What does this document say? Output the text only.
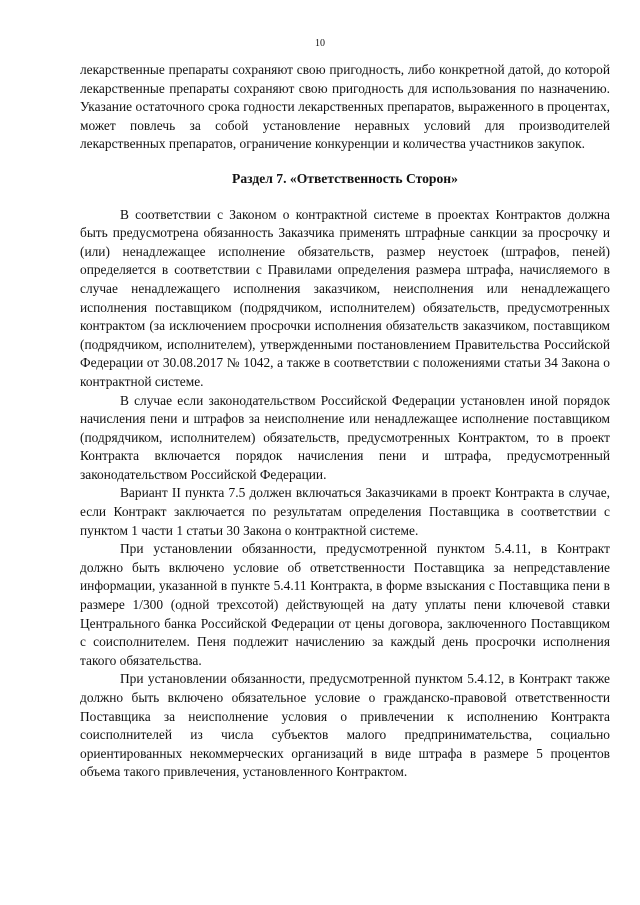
10

лекарственные препараты сохраняют свою пригодность, либо конкретной датой, до которой лекарственные препараты сохраняют свою пригодность для использования по назначению. Указание остаточного срока годности лекарственных препаратов, выраженного в процентах, может повлечь за собой установление неравных условий для производителей лекарственных препаратов, ограничение конкуренции и количества участников закупок.

Раздел 7. «Ответственность Сторон»

В соответствии с Законом о контрактной системе в проектах Контрактов должна быть предусмотрена обязанность Заказчика применять штрафные санкции за просрочку и (или) ненадлежащее исполнение обязательств, размер неустоек (штрафов, пеней) определяется в соответствии с Правилами определения размера штрафа, начисляемого в случае ненадлежащего исполнения заказчиком, неисполнения или ненадлежащего исполнения поставщиком (подрядчиком, исполнителем) обязательств, предусмотренных контрактом (за исключением просрочки исполнения обязательств заказчиком, поставщиком (подрядчиком, исполнителем), утвержденными постановлением Правительства Российской Федерации от 30.08.2017 № 1042, а также в соответствии с положениями статьи 34 Закона о контрактной системе.

В случае если законодательством Российской Федерации установлен иной порядок начисления пени и штрафов за неисполнение или ненадлежащее исполнение поставщиком (подрядчиком, исполнителем) обязательств, предусмотренных Контрактом, то в проект Контракта включается порядок начисления пени и штрафа, предусмотренный законодательством Российской Федерации.

Вариант II пункта 7.5 должен включаться Заказчиками в проект Контракта в случае, если Контракт заключается по результатам определения Поставщика в соответствии с пунктом 1 части 1 статьи 30 Закона о контрактной системе.

При установлении обязанности, предусмотренной пунктом 5.4.11, в Контракт должно быть включено условие об ответственности Поставщика за непредставление информации, указанной в пункте 5.4.11 Контракта, в форме взыскания с Поставщика пени в размере 1/300 (одной трехсотой) действующей на дату уплаты пени ключевой ставки Центрального банка Российской Федерации от цены договора, заключенного Поставщиком с соисполнителем. Пеня подлежит начислению за каждый день просрочки исполнения такого обязательства.

При установлении обязанности, предусмотренной пунктом 5.4.12, в Контракт также должно быть включено обязательное условие о гражданско-правовой ответственности Поставщика за неисполнение условия о привлечении к исполнению Контракта соисполнителей из числа субъектов малого предпринимательства, социально ориентированных некоммерческих организаций в виде штрафа в размере 5 процентов объема такого привлечения, установленного Контрактом.
